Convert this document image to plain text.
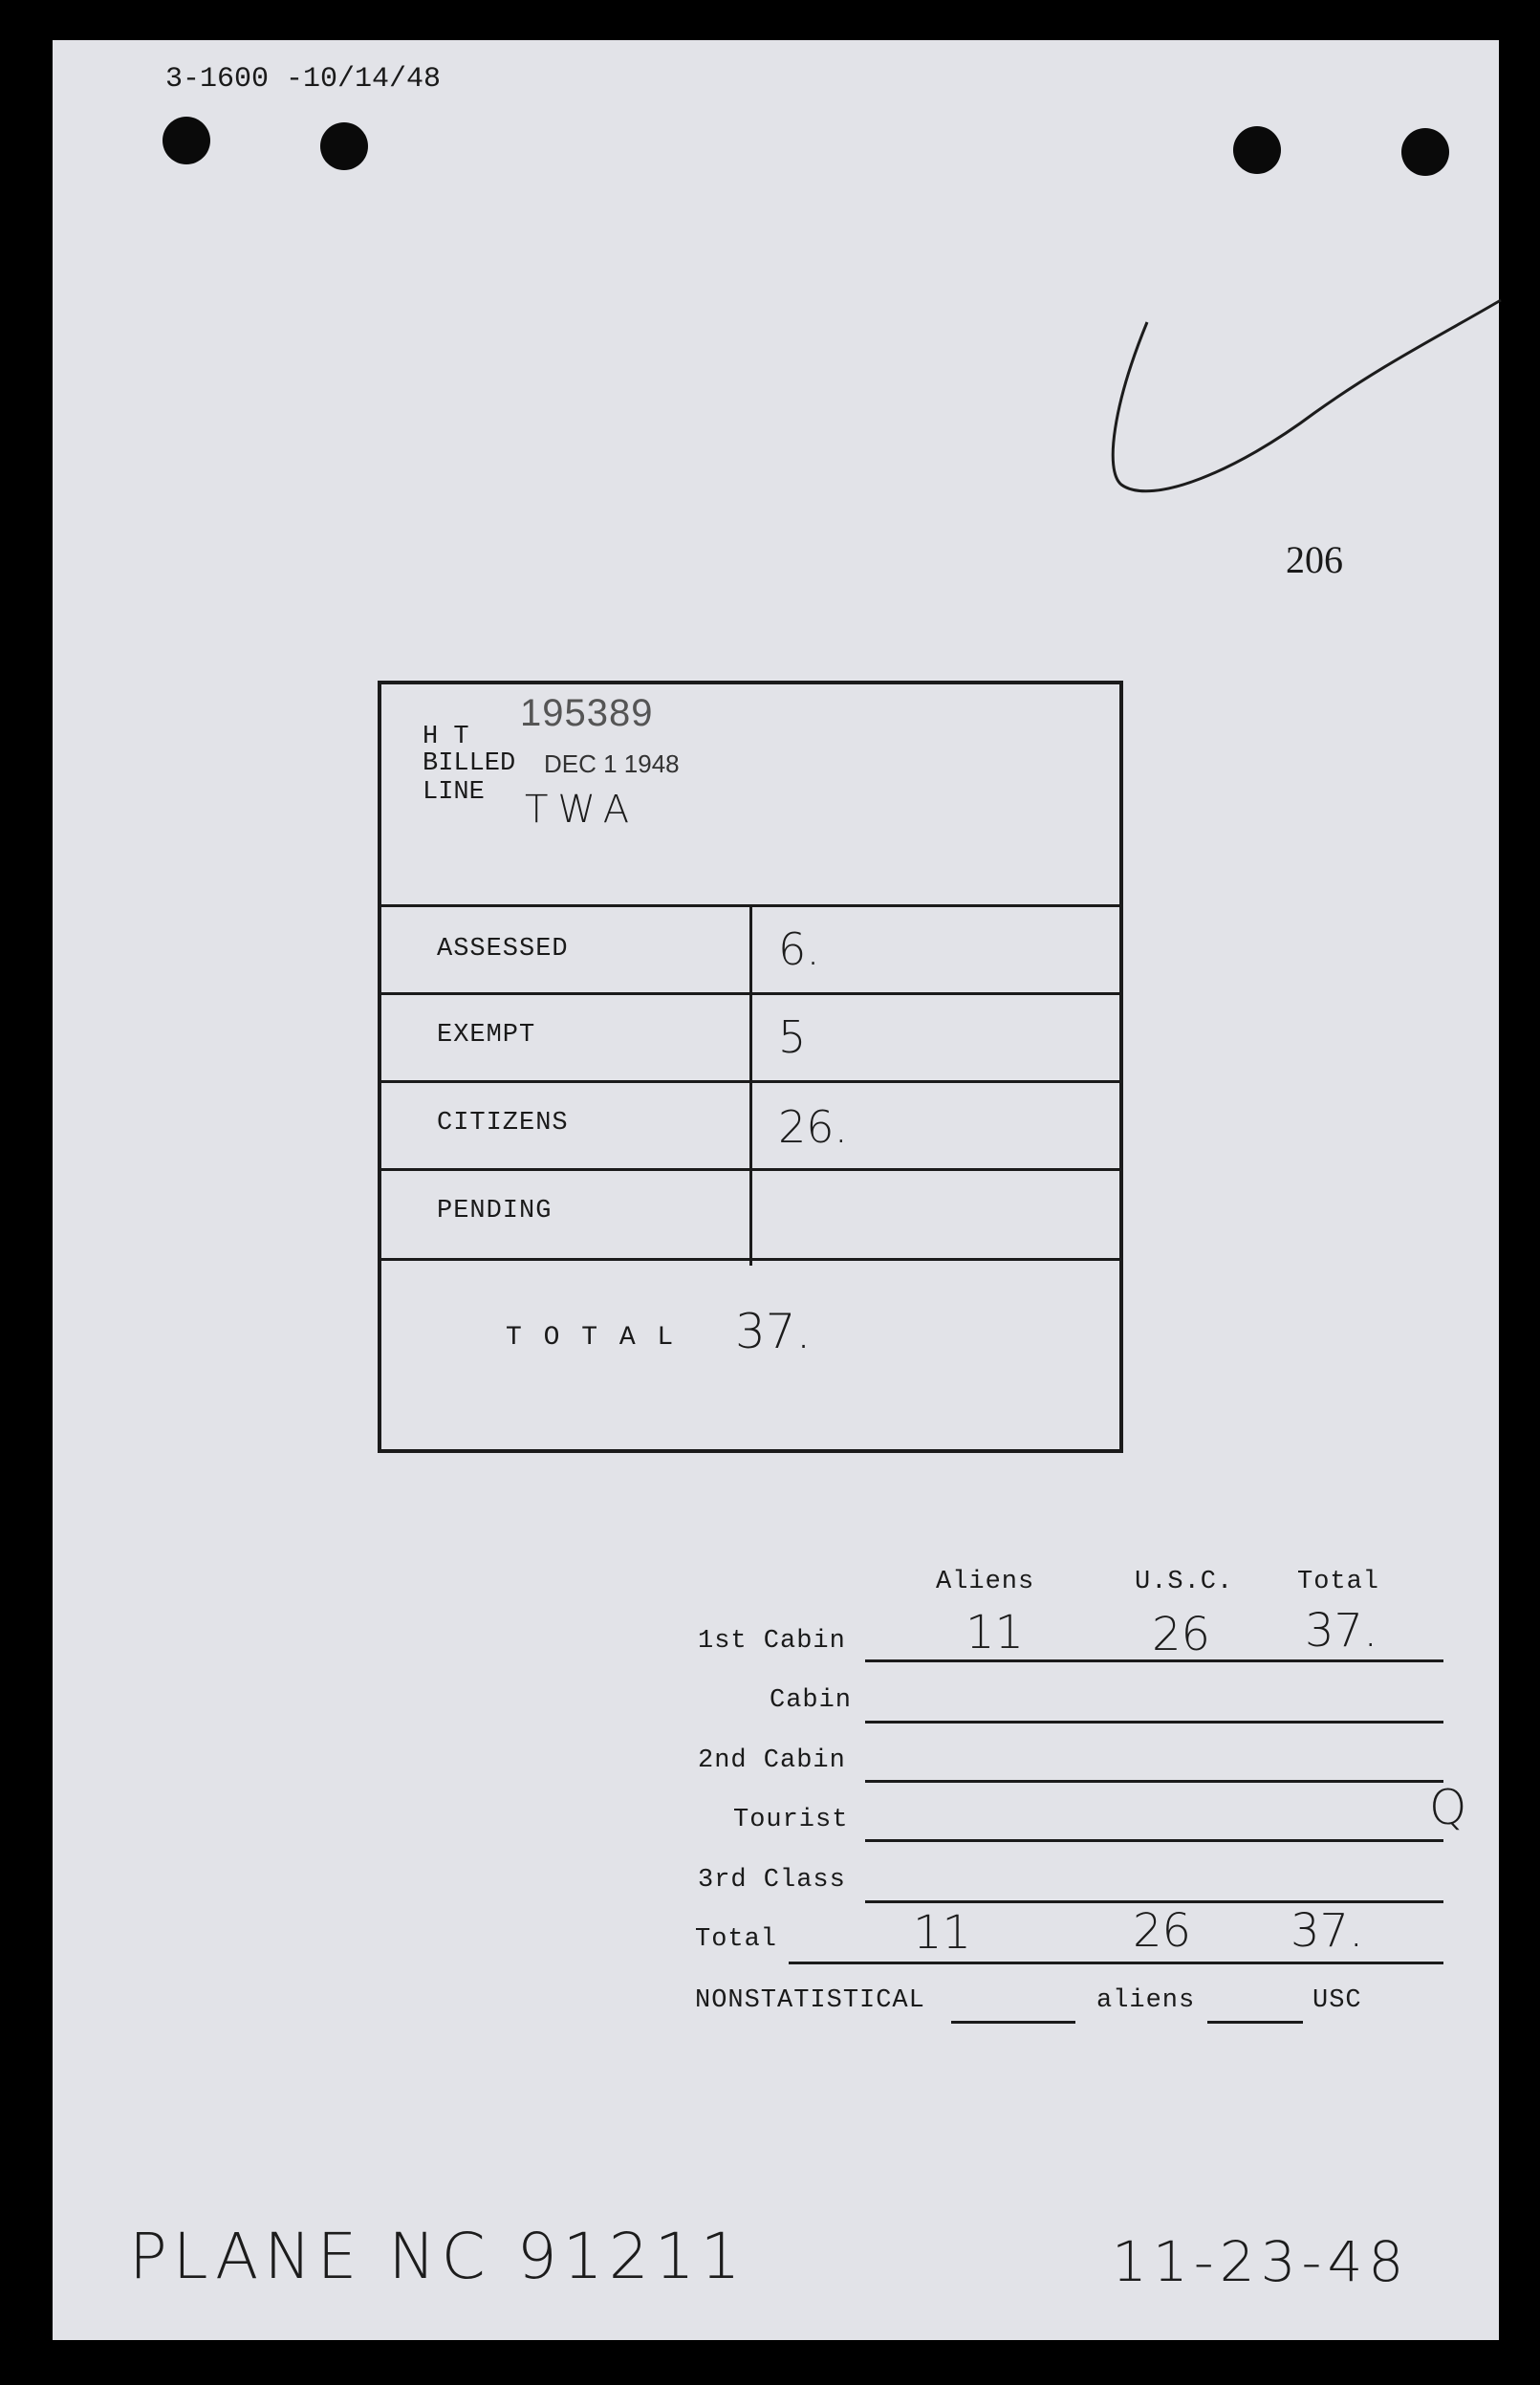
3-1600 -10/14/48
206
195389
H T
BILLED DEC 1 1948
LINE TWA
ASSESSED	6.
EXEMPT	5
CITIZENS	26.
PENDING
T O T A L 37.
Aliens	U.S.C. Total
1st Cabin	11	26 37.
Cabin
2nd Cabin
Tourist
3rd Class
Total	11	26 37.
NONSTATISTICAL	aliens	USC
Q
PLANE NC 91211	11-23-48
